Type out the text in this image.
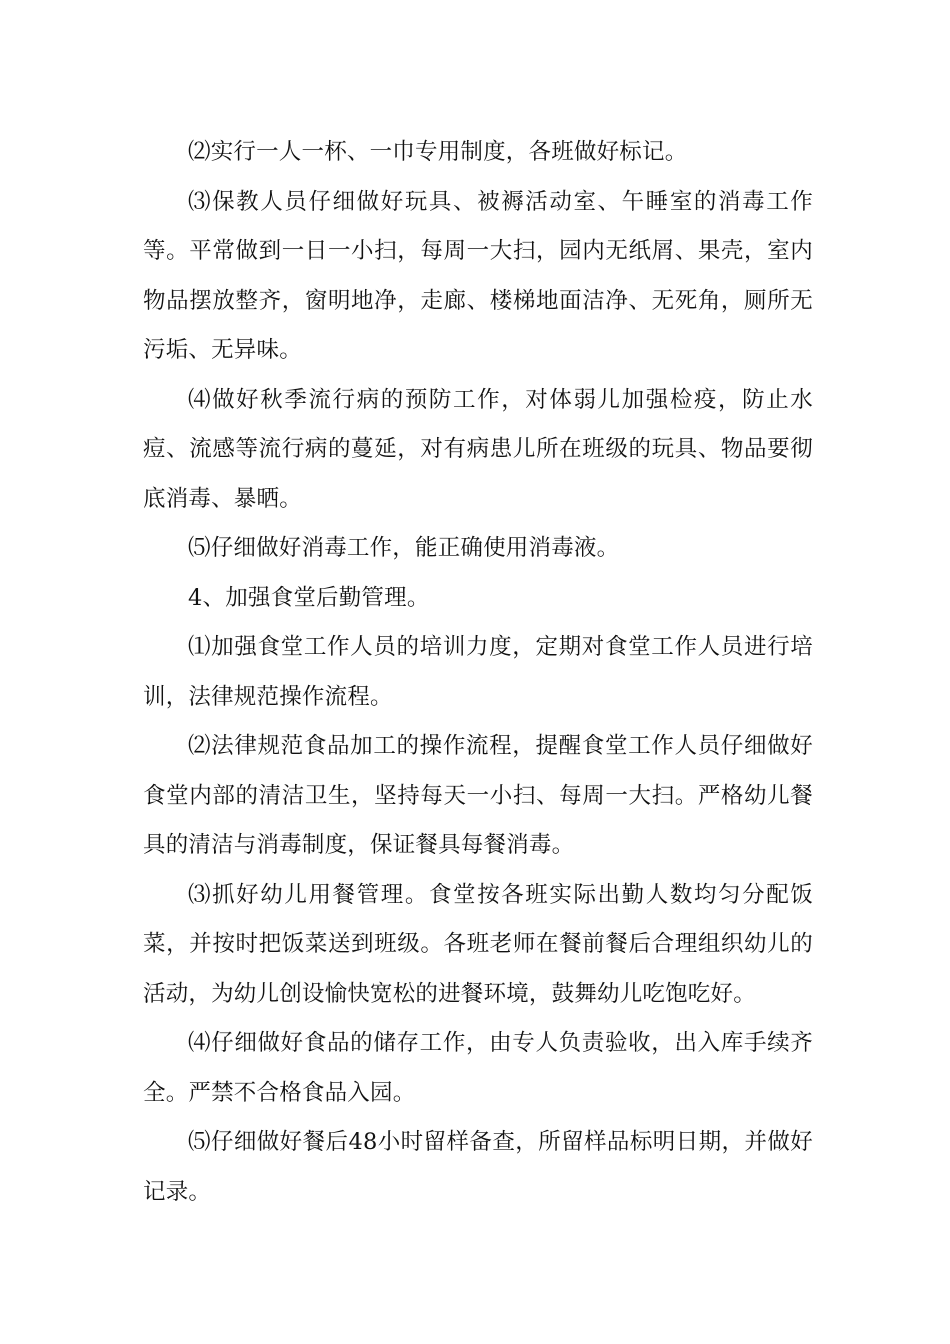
⑵实行一人一杯、一巾专用制度，各班做好标记。

⑶保教人员仔细做好玩具、被褥活动室、午睡室的消毒工作等。平常做到一日一小扫，每周一大扫，园内无纸屑、果壳，室内物品摆放整齐，窗明地净，走廊、楼梯地面洁净、无死角，厕所无污垢、无异味。

⑷做好秋季流行病的预防工作，对体弱儿加强检疫，防止水痘、流感等流行病的蔓延，对有病患儿所在班级的玩具、物品要彻底消毒、暴晒。

⑸仔细做好消毒工作，能正确使用消毒液。

4、加强食堂后勤管理。

⑴加强食堂工作人员的培训力度，定期对食堂工作人员进行培训，法律规范操作流程。

⑵法律规范食品加工的操作流程，提醒食堂工作人员仔细做好食堂内部的清洁卫生，坚持每天一小扫、每周一大扫。严格幼儿餐具的清洁与消毒制度，保证餐具每餐消毒。

⑶抓好幼儿用餐管理。食堂按各班实际出勤人数均匀分配饭菜，并按时把饭菜送到班级。各班老师在餐前餐后合理组织幼儿的活动，为幼儿创设愉快宽松的进餐环境，鼓舞幼儿吃饱吃好。

⑷仔细做好食品的储存工作，由专人负责验收，出入库手续齐全。严禁不合格食品入园。

⑸仔细做好餐后48小时留样备查，所留样品标明日期，并做好记录。
